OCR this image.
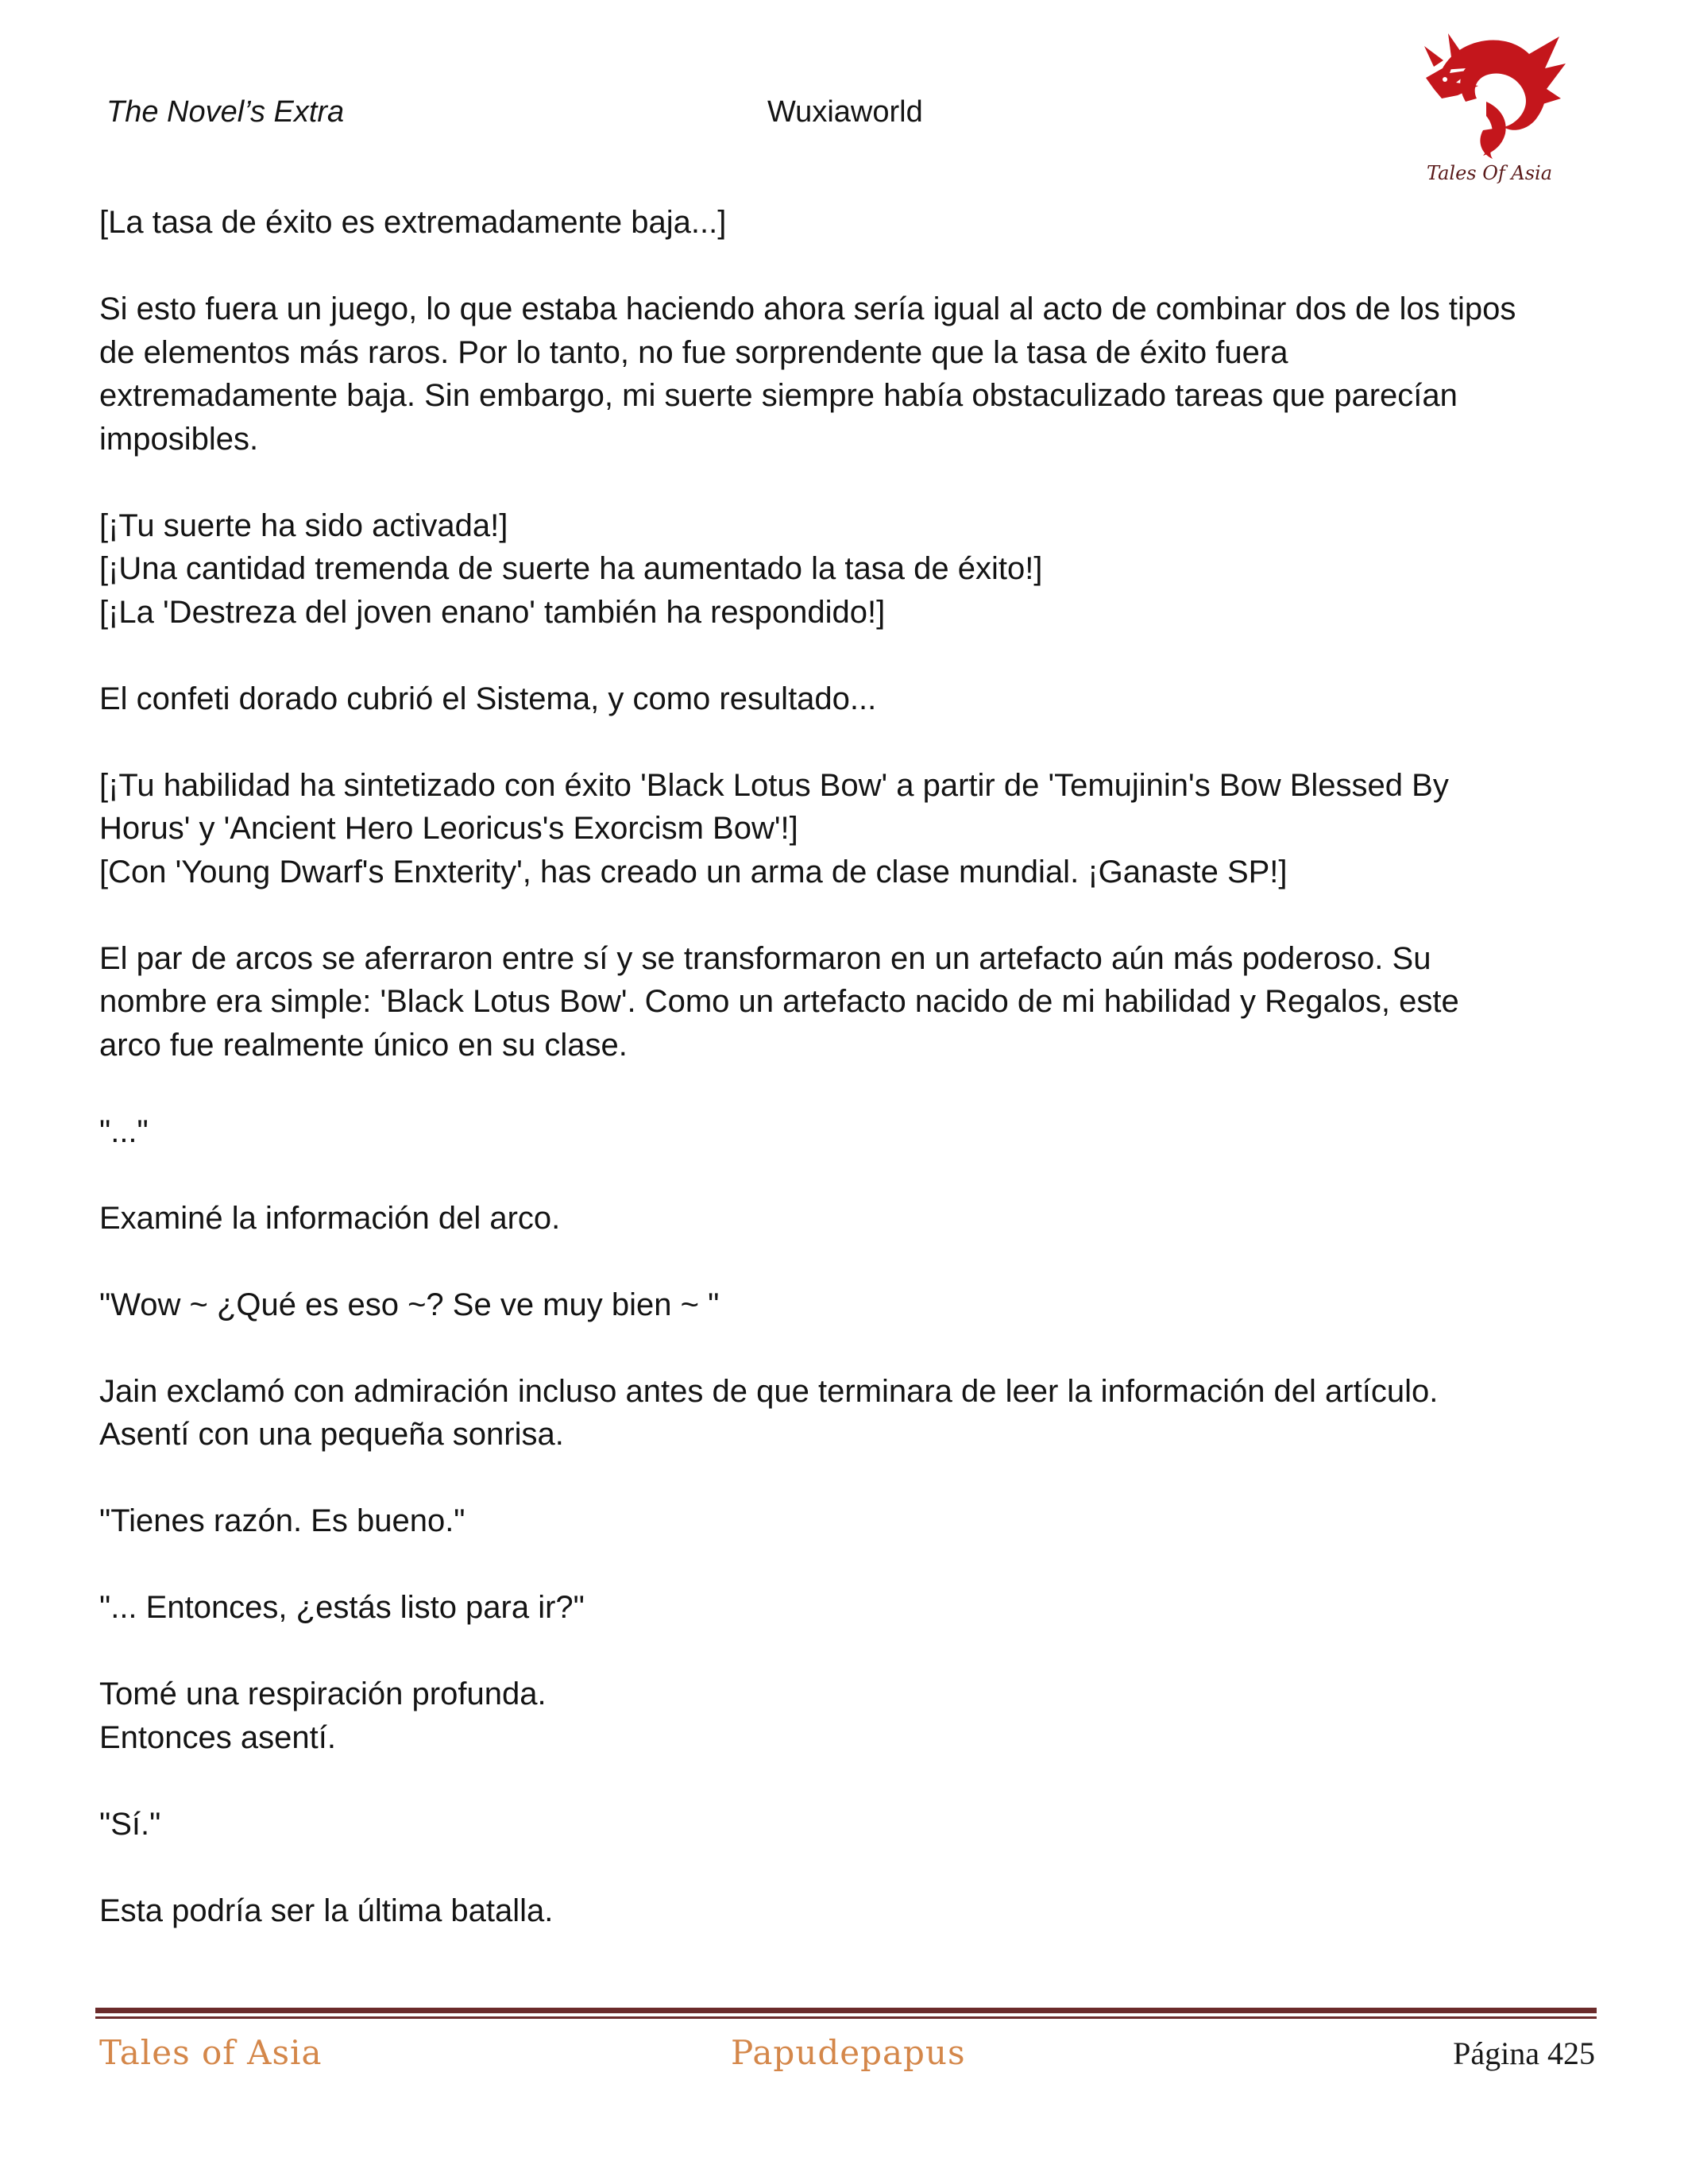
The Novel’s Extra	Wuxiaworld
Tales Of Asia
[La tasa de éxito es extremadamente baja...]
Si esto fuera un juego, lo que estaba haciendo ahora sería igual al acto de combinar dos de los tipos
de elementos más raros. Por lo tanto, no fue sorprendente que la tasa de éxito fuera
extremadamente baja. Sin embargo, mi suerte siempre había obstaculizado tareas que parecían
imposibles.
[¡Tu suerte ha sido activada!]
[¡Una cantidad tremenda de suerte ha aumentado la tasa de éxito!]
[¡La 'Destreza del joven enano' también ha respondido!]
El confeti dorado cubrió el Sistema, y como resultado...
[¡Tu habilidad ha sintetizado con éxito 'Black Lotus Bow' a partir de 'Temujinin's Bow Blessed By
Horus' y 'Ancient Hero Leoricus's Exorcism Bow'!]
[Con 'Young Dwarf's Enxterity', has creado un arma de clase mundial. ¡Ganaste SP!]
El par de arcos se aferraron entre sí y se transformaron en un artefacto aún más poderoso. Su
nombre era simple: 'Black Lotus Bow'. Como un artefacto nacido de mi habilidad y Regalos, este
arco fue realmente único en su clase.
"..."
Examiné la información del arco.
"Wow ~ ¿Qué es eso ~? Se ve muy bien ~ "
Jain exclamó con admiración incluso antes de que terminara de leer la información del artículo.
Asentí con una pequeña sonrisa.
"Tienes razón. Es bueno."
"... Entonces, ¿estás listo para ir?"
Tomé una respiración profunda.
Entonces asentí.
"Sí."
Esta podría ser la última batalla.
Tales of Asia	Papudepapus	Página 425
